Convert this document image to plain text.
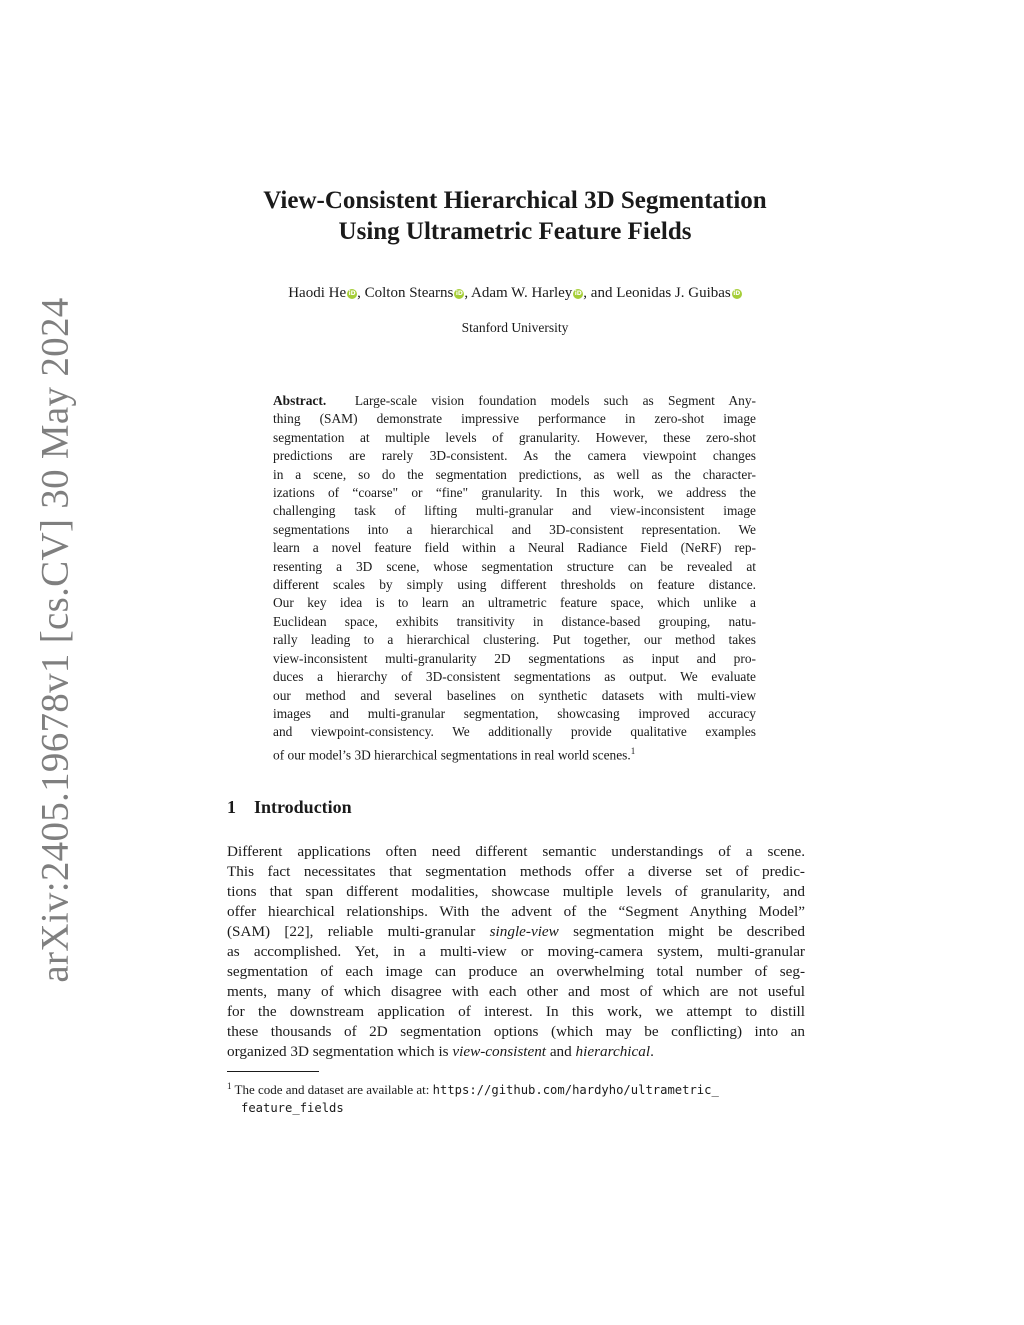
arXiv:2405.19678v1 [cs.CV] 30 May 2024
View-Consistent Hierarchical 3D Segmentation
Using Ultrametric Feature Fields
Haodi He iD, Colton Stearns iD, Adam W. Harley iD, and Leonidas J. Guibas iD
Stanford University
Abstract. Large-scale vision foundation models such as Segment Any-
thing (SAM) demonstrate impressive performance in zero-shot image
segmentation at multiple levels of granularity. However, these zero-shot
predictions are rarely 3D-consistent. As the camera viewpoint changes
in a scene, so do the segmentation predictions, as well as the character-
izations of “coarse" or “fine" granularity. In this work, we address the
challenging task of lifting multi-granular and view-inconsistent image
segmentations into a hierarchical and 3D-consistent representation. We
learn a novel feature field within a Neural Radiance Field (NeRF) rep-
resenting a 3D scene, whose segmentation structure can be revealed at
different scales by simply using different thresholds on feature distance.
Our key idea is to learn an ultrametric feature space, which unlike a
Euclidean space, exhibits transitivity in distance-based grouping, natu-
rally leading to a hierarchical clustering. Put together, our method takes
view-inconsistent multi-granularity 2D segmentations as input and pro-
duces a hierarchy of 3D-consistent segmentations as output. We evaluate
our method and several baselines on synthetic datasets with multi-view
images and multi-granular segmentation, showcasing improved accuracy
and viewpoint-consistency. We additionally provide qualitative examples
of our model’s 3D hierarchical segmentations in real world scenes.$^1$
1 Introduction
Different applications often need different semantic understandings of a scene.
This fact necessitates that segmentation methods offer a diverse set of predic-
tions that span different modalities, showcase multiple levels of granularity, and
offer hiearchical relationships. With the advent of the “Segment Anything Model”
(SAM) [22], reliable multi-granular single-view segmentation might be described
as accomplished. Yet, in a multi-view or moving-camera system, multi-granular
segmentation of each image can produce an overwhelming total number of seg-
ments, many of which disagree with each other and most of which are not useful
for the downstream application of interest. In this work, we attempt to distill
these thousands of 2D segmentation options (which may be conflicting) into an
organized 3D segmentation which is view-consistent and hierarchical.
$^1$ The code and dataset are available at: https://github.com/hardyho/ultrametric_
feature_fields
